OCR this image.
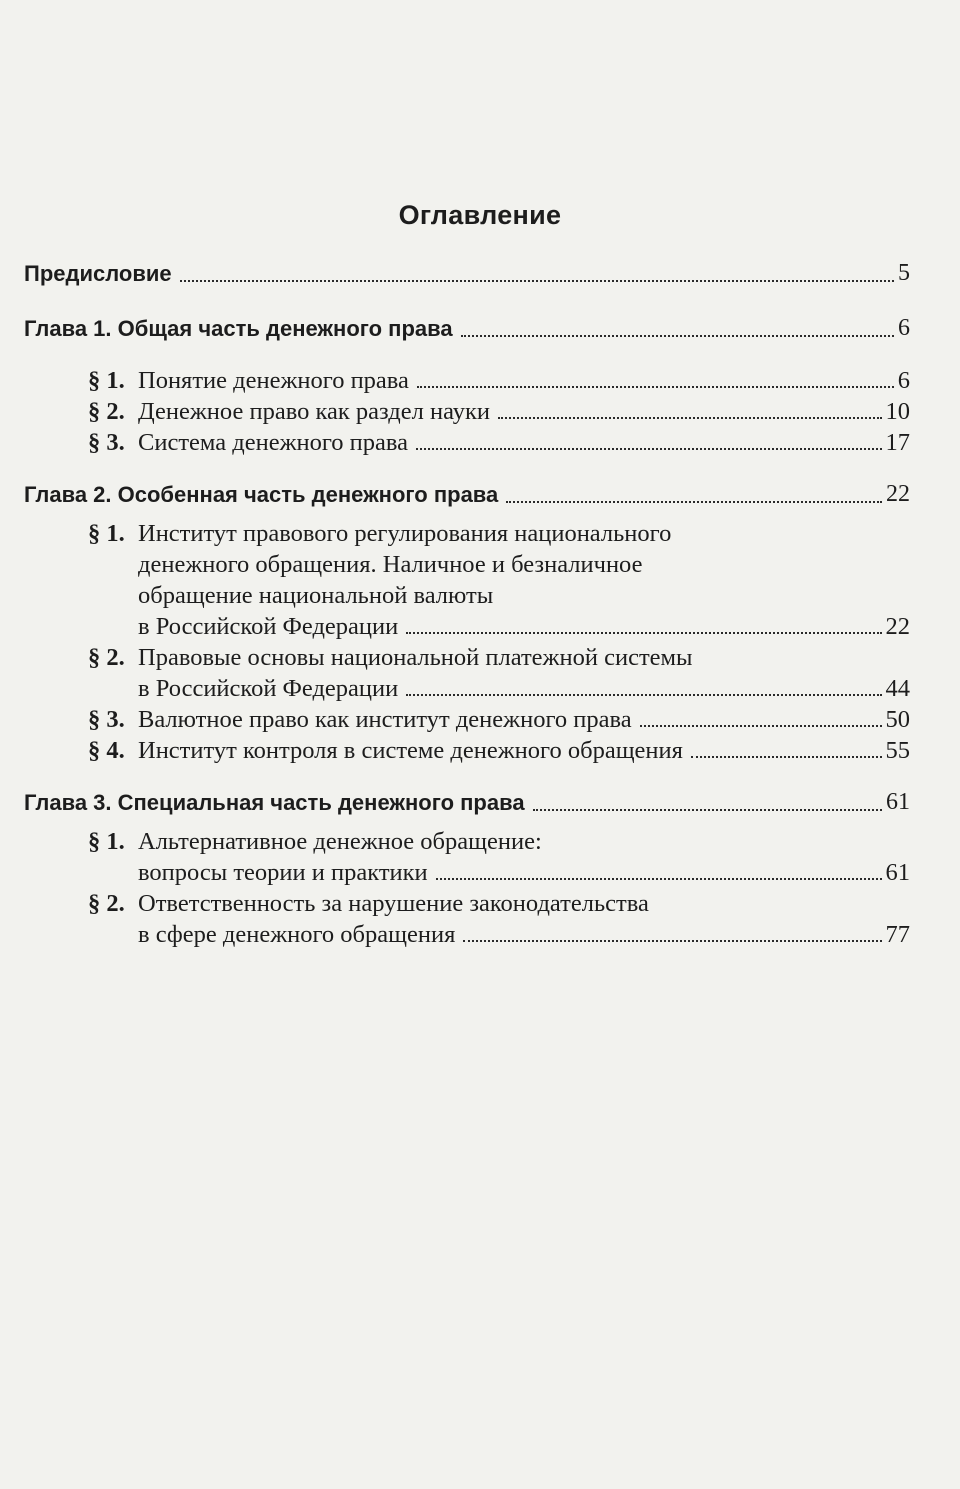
Оглавление
Предисловие	5
Глава 1. Общая часть денежного права	6
§ 1. Понятие денежного права	6
§ 2. Денежное право как раздел науки	10
§ 3. Система денежного права	17
Глава 2. Особенная часть денежного права	22
§ 1. Институт правового регулирования национального
денежного обращения. Наличное и безналичное
обращение национальной валюты
в Российской Федерации	22
§ 2. Правовые основы национальной платежной системы
в Российской Федерации	44
§ 3. Валютное право как институт денежного права	50
§ 4. Институт контроля в системе денежного обращения	55
Глава 3. Специальная часть денежного права	61
§ 1. Альтернативное денежное обращение:
вопросы теории и практики	61
§ 2. Ответственность за нарушение законодательства
в сфере денежного обращения	77
